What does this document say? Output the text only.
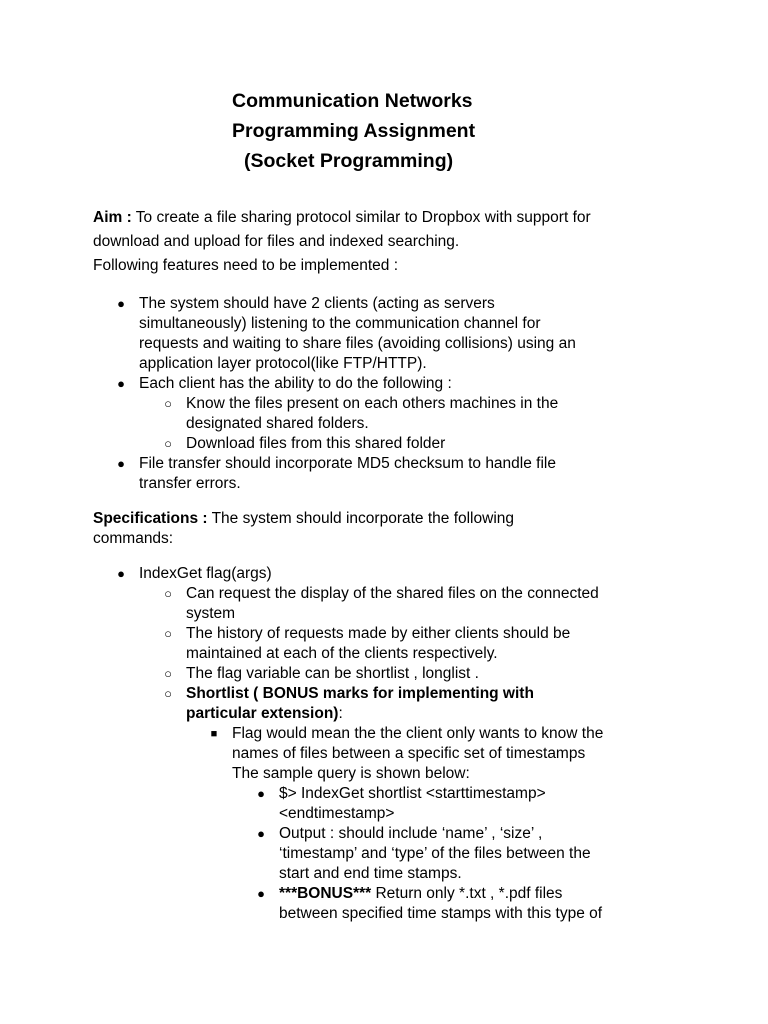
Communication Networks
Programming Assignment
(Socket Programming)
Aim : To create a file sharing protocol similar to Dropbox with support for
download and upload for files and indexed searching.
Following features need to be implemented :
● The system should have 2 clients (acting as servers
simultaneously) listening to the communication channel for
requests and waiting to share files (avoiding collisions) using an
application layer protocol(like FTP/HTTP).
● Each client has the ability to do the following :
○ Know the files present on each others machines in the
designated shared folders.
○ Download files from this shared folder
● File transfer should incorporate MD5 checksum to handle file
transfer errors.
Specifications : The system should incorporate the following
commands:
● IndexGet flag(args)
○ Can request the display of the shared files on the connected
system
○ The history of requests made by either clients should be
maintained at each of the clients respectively.
○ The flag variable can be shortlist , longlist .
○ Shortlist ( BONUS marks for implementing with
particular extension):
■ Flag would mean the the client only wants to know the
names of files between a specific set of timestamps
The sample query is shown below:
● $> IndexGet shortlist <starttimestamp>
<endtimestamp>
● Output : should include ‘name’ , ‘size’ ,
‘timestamp’ and ‘type’ of the files between the
start and end time stamps.
● ***BONUS*** Return only *.txt , *.pdf files
between specified time stamps with this type of
